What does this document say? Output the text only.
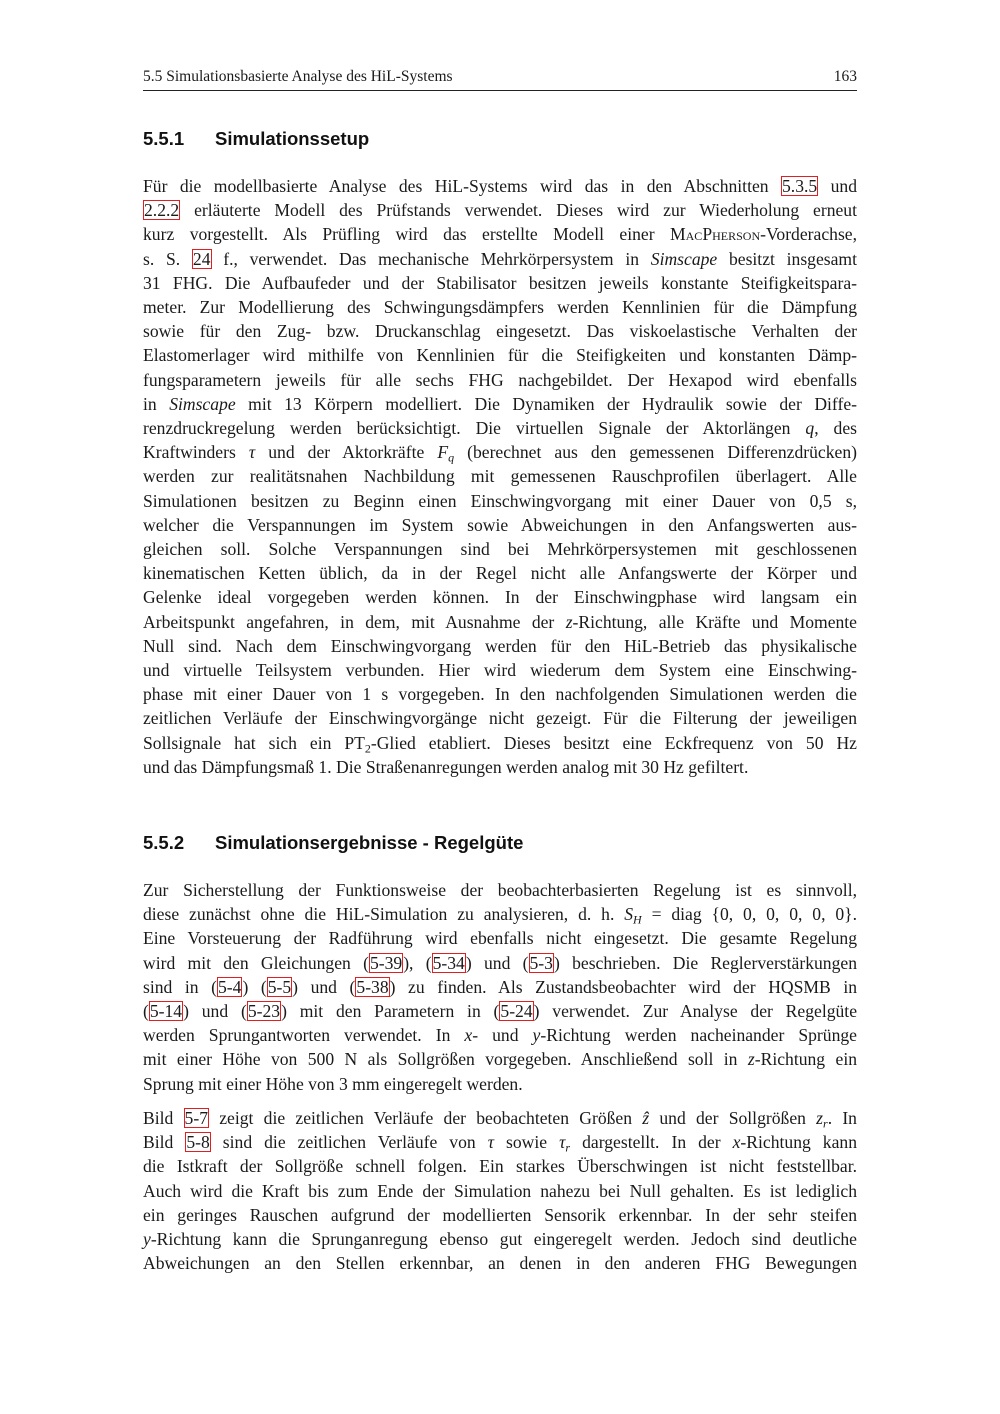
5.5 Simulationsbasierte Analyse des HiL-Systems	163
5.5.1 Simulationssetup
Für die modellbasierte Analyse des HiL-Systems wird das in den Abschnitten 5.3.5 und
2.2.2 erläuterte Modell des Prüfstands verwendet. Dieses wird zur Wiederholung erneut
kurz vorgestellt. Als Prüfling wird das erstellte Modell einer MacPherson-Vorderachse,
s. S. 24 f., verwendet. Das mechanische Mehrkörpersystem in Simscape besitzt insgesamt
31 FHG. Die Aufbaufeder und der Stabilisator besitzen jeweils konstante Steifigkeitspara-
meter. Zur Modellierung des Schwingungsdämpfers werden Kennlinien für die Dämpfung
sowie für den Zug- bzw. Druckanschlag eingesetzt. Das viskoelastische Verhalten der
Elastomerlager wird mithilfe von Kennlinien für die Steifigkeiten und konstanten Dämp-
fungsparametern jeweils für alle sechs FHG nachgebildet. Der Hexapod wird ebenfalls
in Simscape mit 13 Körpern modelliert. Die Dynamiken der Hydraulik sowie der Diffe-
renzdruckregelung werden berücksichtigt. Die virtuellen Signale der Aktorlängen q, des
Kraftwinders τ und der Aktorkräfte $F_q$ (berechnet aus den gemessenen Differenzdrücken)
werden zur realitätsnahen Nachbildung mit gemessenen Rauschprofilen überlagert. Alle
Simulationen besitzen zu Beginn einen Einschwingvorgang mit einer Dauer von 0,5 s,
welcher die Verspannungen im System sowie Abweichungen in den Anfangswerten aus-
gleichen soll. Solche Verspannungen sind bei Mehrkörpersystemen mit geschlossenen
kinematischen Ketten üblich, da in der Regel nicht alle Anfangswerte der Körper und
Gelenke ideal vorgegeben werden können. In der Einschwingphase wird langsam ein
Arbeitspunkt angefahren, in dem, mit Ausnahme der z-Richtung, alle Kräfte und Momente
Null sind. Nach dem Einschwingvorgang werden für den HiL-Betrieb das physikalische
und virtuelle Teilsystem verbunden. Hier wird wiederum dem System eine Einschwing-
phase mit einer Dauer von 1 s vorgegeben. In den nachfolgenden Simulationen werden die
zeitlichen Verläufe der Einschwingvorgänge nicht gezeigt. Für die Filterung der jeweiligen
Sollsignale hat sich ein $PT_2$-Glied etabliert. Dieses besitzt eine Eckfrequenz von 50 Hz
und das Dämpfungsmaß 1. Die Straßenanregungen werden analog mit 30 Hz gefiltert.
5.5.2 Simulationsergebnisse - Regelgüte
Zur Sicherstellung der Funktionsweise der beobachterbasierten Regelung ist es sinnvoll,
diese zunächst ohne die HiL-Simulation zu analysieren, d. h. $S_H$ = diag {0, 0, 0, 0, 0, 0}.
Eine Vorsteuerung der Radführung wird ebenfalls nicht eingesetzt. Die gesamte Regelung
wird mit den Gleichungen (5-39), (5-34) und (5-3) beschrieben. Die Reglerverstärkungen
sind in (5-4) (5-5) und (5-38) zu finden. Als Zustandsbeobachter wird der HQSMB in
(5-14) und (5-23) mit den Parametern in (5-24) verwendet. Zur Analyse der Regelgüte
werden Sprungantworten verwendet. In x- und y-Richtung werden nacheinander Sprünge
mit einer Höhe von 500 N als Sollgrößen vorgegeben. Anschließend soll in z-Richtung ein
Sprung mit einer Höhe von 3 mm eingeregelt werden.
Bild 5-7 zeigt die zeitlichen Verläufe der beobachteten Größen ẑ und der Sollgrößen $z_r$. In
Bild 5-8 sind die zeitlichen Verläufe von τ sowie $\tau_r$ dargestellt. In der x-Richtung kann
die Istkraft der Sollgröße schnell folgen. Ein starkes Überschwingen ist nicht feststellbar.
Auch wird die Kraft bis zum Ende der Simulation nahezu bei Null gehalten. Es ist lediglich
ein geringes Rauschen aufgrund der modellierten Sensorik erkennbar. In der sehr steifen
y-Richtung kann die Sprunganregung ebenso gut eingeregelt werden. Jedoch sind deutliche
Abweichungen an den Stellen erkennbar, an denen in den anderen FHG Bewegungen
